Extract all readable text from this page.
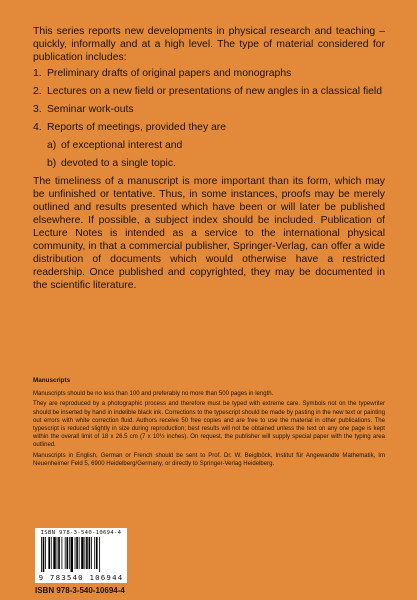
This series reports new developments in physical research and teaching – quickly, informally and at a high level. The type of material considered for publication includes:

1. Preliminary drafts of original papers and monographs
2. Lectures on a new field or presentations of new angles in a classical field
3. Seminar work-outs
4. Reports of meetings, provided they are
a) of exceptional interest and
b) devoted to a single topic.

The timeliness of a manuscript is more important than its form, which may be unfinished or tentative. Thus, in some instances, proofs may be merely outlined and results presented which have been or will later be published elsewhere. If possible, a subject index should be included. Publication of Lecture Notes is intended as a service to the international physical community, in that a commercial publisher, Springer-Verlag, can offer a wide distribution of documents which would otherwise have a restricted readership. Once published and copyrighted, they may be documented in the scientific literature.

Manuscripts

Manuscripts should be no less than 100 and preferably no more than 500 pages in length.

They are reproduced by a photographic process and therefore must be typed with extreme care. Symbols not on the typewriter should be inserted by hand in indelible black ink. Corrections to the typescript should be made by pasting in the new text or painting out errors with white correction fluid. Authors receive 50 free copies and are free to use the material in other publications. The typescript is reduced slightly in size during reproduction; best results will not be obtained unless the text on any one page is kept within the overall limit of 18 x 26.5 cm (7 x 10½ inches). On request, the publisher will supply special paper with the typing area outlined.

Manuscripts in English, German or French should be sent to Prof. Dr. W. Beiglböck, Institut für Angewandte Mathematik, Im Neuenheimer Feld 5, 6900 Heidelberg/Germany, or directly to Springer-Verlag Heidelberg.

ISBN 978-3-540-10694-4
9 783540 106944
ISBN 978-3-540-10694-4
